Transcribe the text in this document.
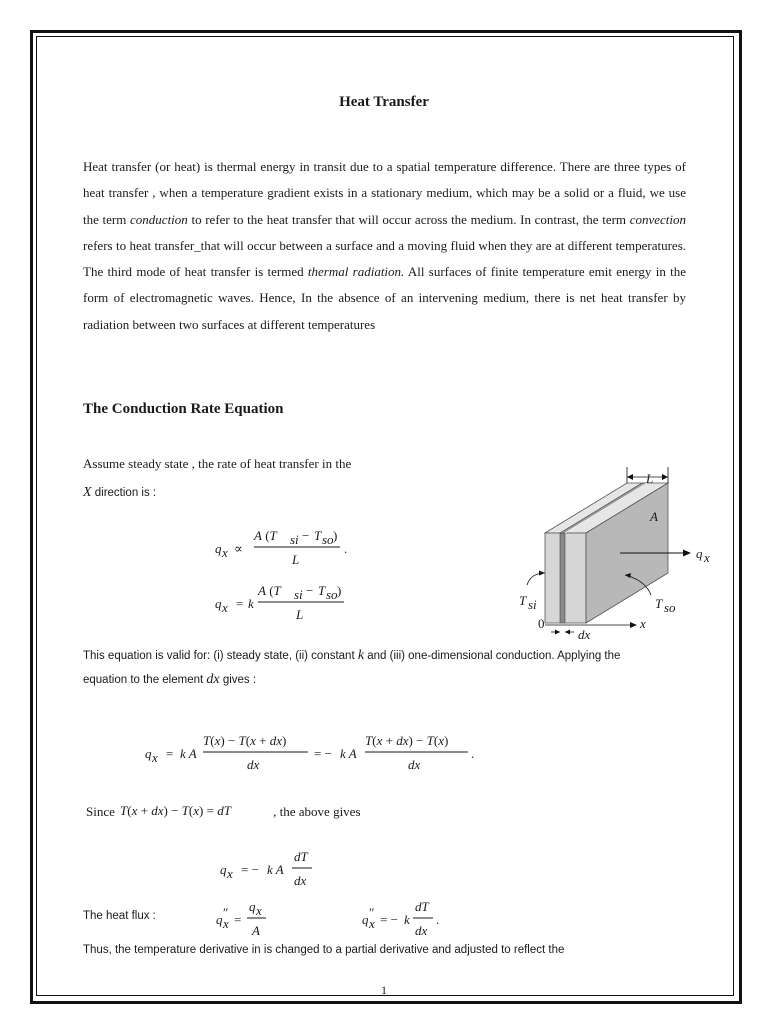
Heat Transfer
Heat transfer (or heat) is thermal energy in transit due to a spatial temperature difference. There are three types of heat transfer , when a temperature gradient exists in a stationary medium, which may be a solid or a fluid, we use the term conduction to refer to the heat transfer that will occur across the medium. In contrast, the term convection refers to heat transfer_that will occur between a surface and a moving fluid when they are at different temperatures. The third mode of heat transfer is termed thermal radiation. All surfaces of finite temperature emit energy in the form of electromagnetic waves. Hence, In the absence of an intervening medium, there is net heat transfer by radiation between two surfaces at different temperatures
The Conduction Rate Equation
Assume steady state , the rate of heat transfer in the
X direction is :
q x ∝
A (T si − T so )
L
.
q x = k
A (T si − T so )
L
L
A
q x
T si	T so
0	x
dx
This equation is valid for: (i) steady state, (ii) constant k and (iii) one-dimensional conduction. Applying the
equation to the element dx gives :
q x = k A
T(x) − T(x + dx)
dx
= − k A
T(x + dx) − T(x)
dx
.
Since T(x + dx) − T(x) = dT	, the above gives
q x = − k A
dT
dx
The heat flux :	q ″
x =
q x
A
q ″
x = − k
dT
dx
.
Thus, the temperature derivative in is changed to a partial derivative and adjusted to reflect the
1
